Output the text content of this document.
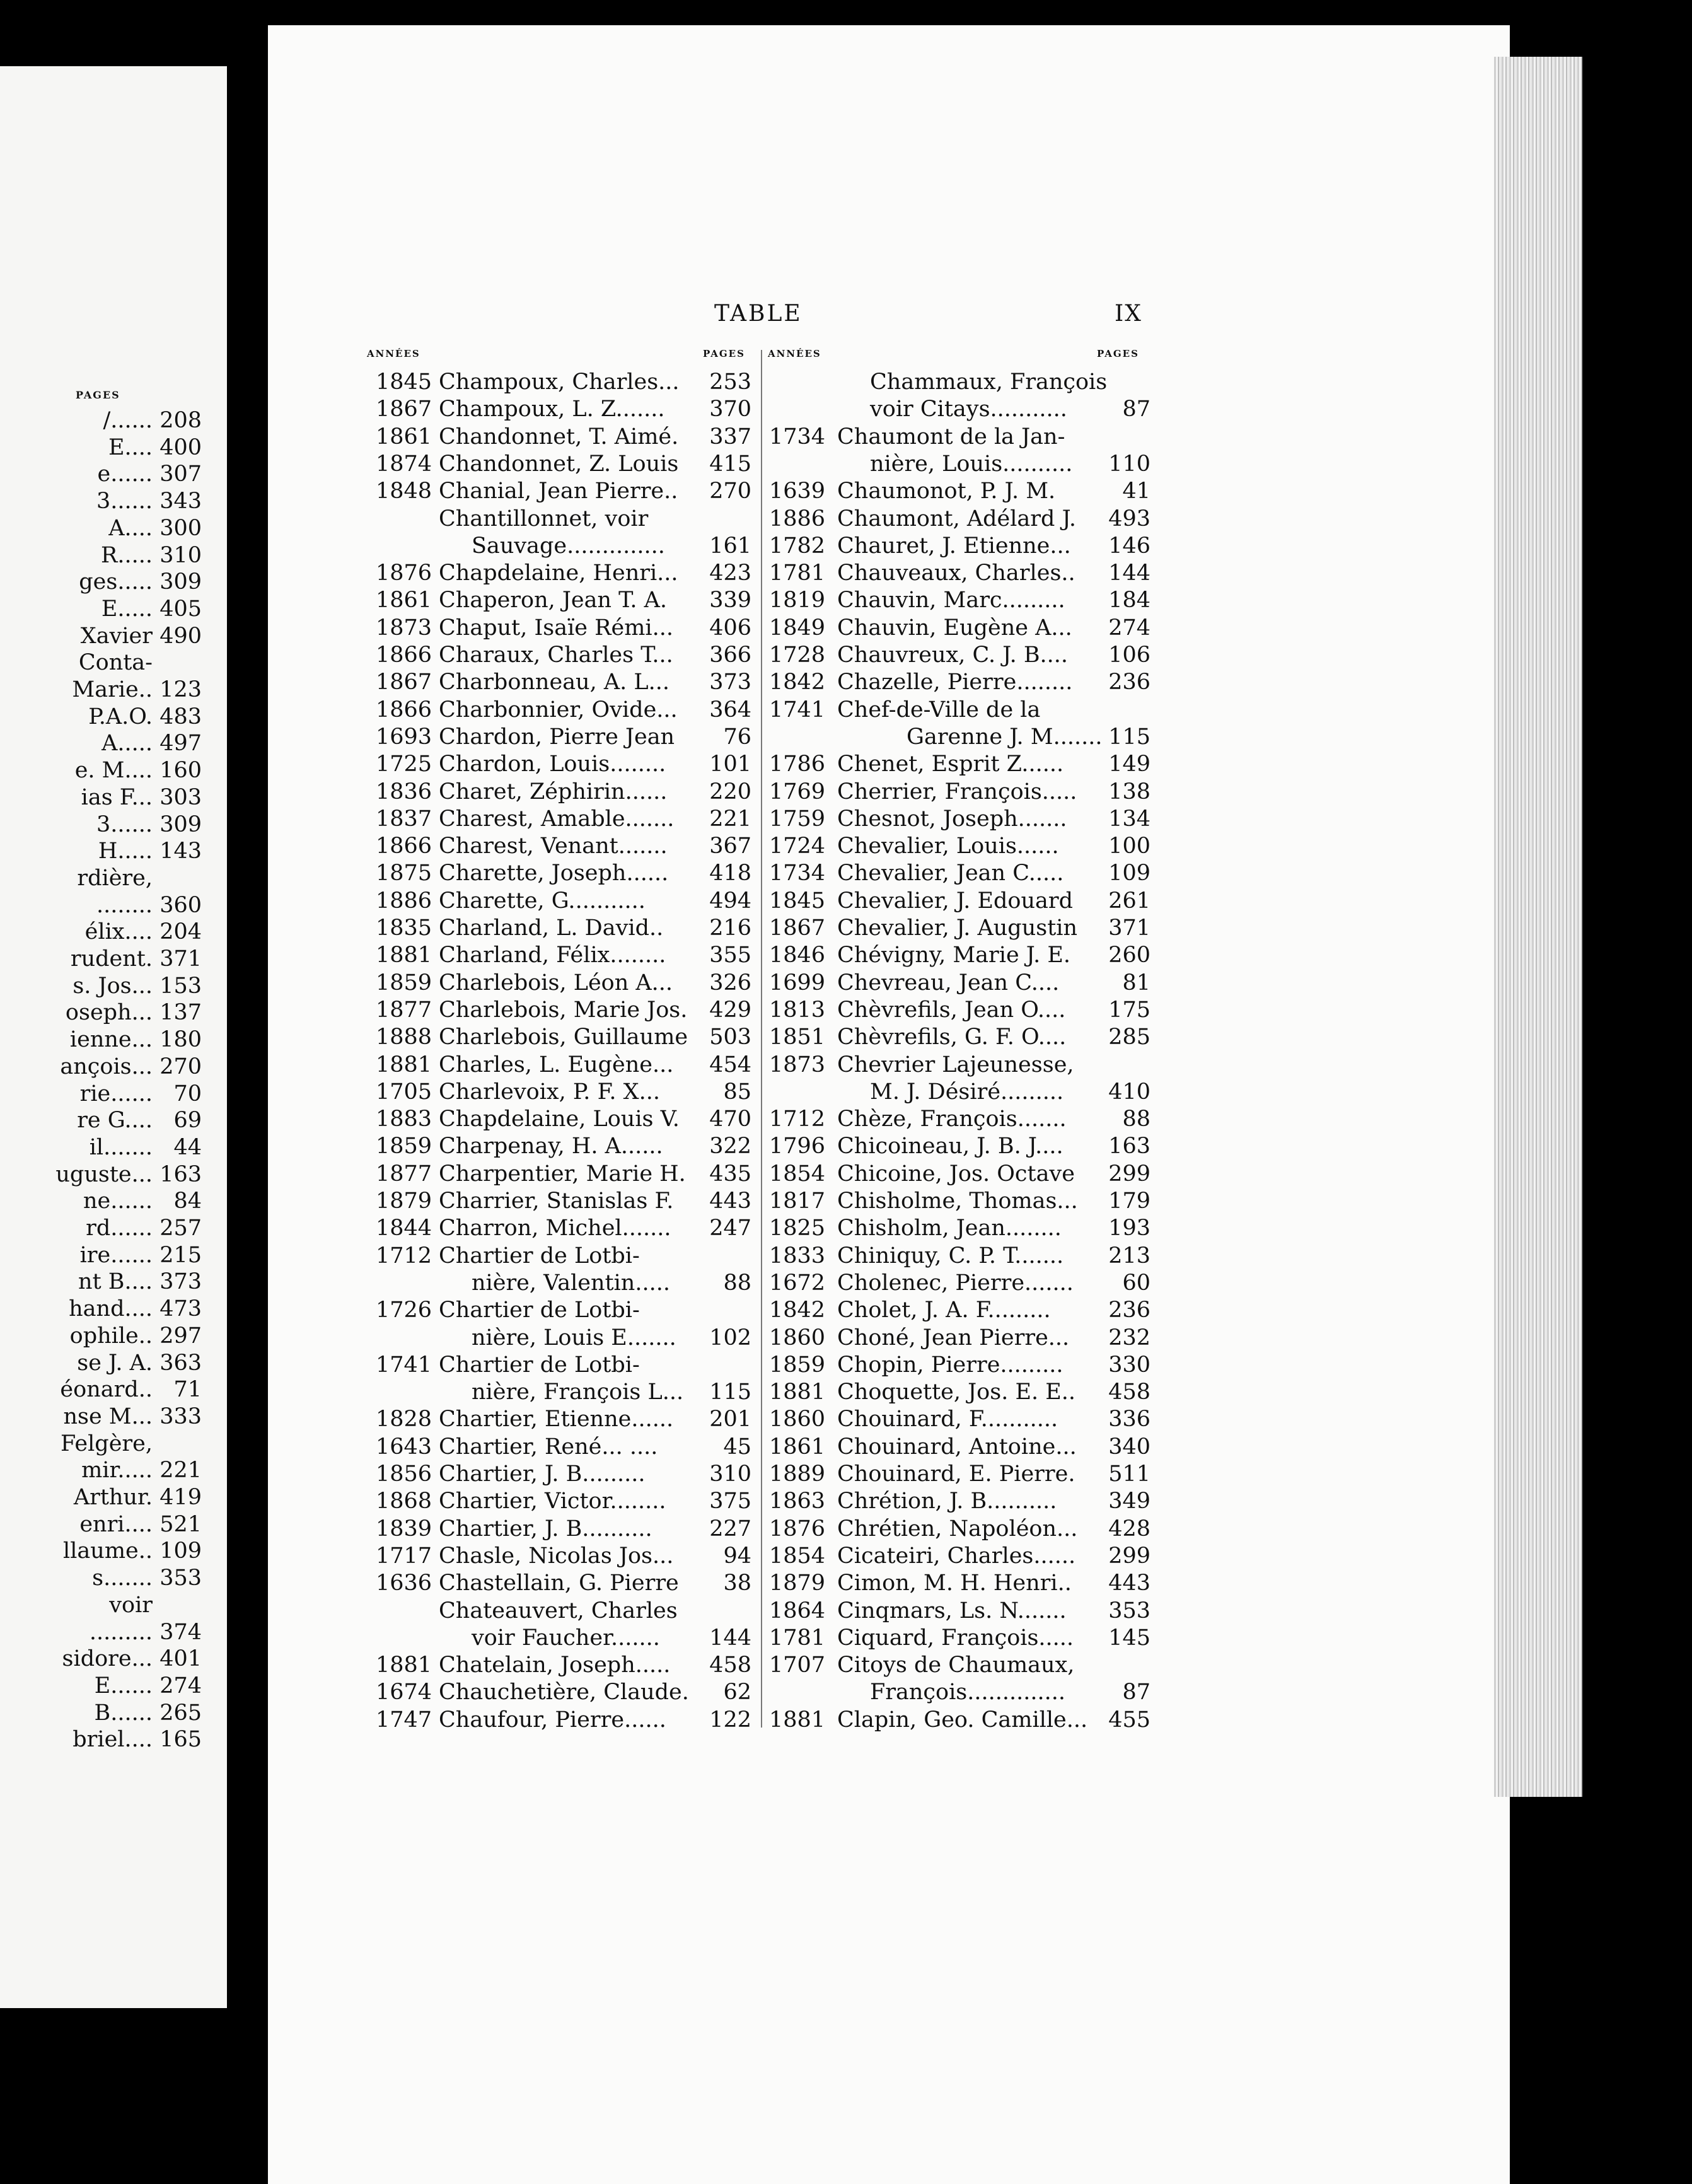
PAGES
/...... 208
E.... 400
e...... 307
3...... 343
A.... 300
R..... 310
ges..... 309
E..... 405
Xavier 490
Conta-
Marie.. 123
P.A.O. 483
A..... 497
e. M.... 160
ias F... 303
3...... 309
H..... 143
rdière,
........ 360
élix.... 204
rudent. 371
s. Jos... 153
oseph... 137
ienne... 180
ançois... 270
rie...... 70
re G.... 69
il....... 44
uguste... 163
ne...... 84
rd...... 257
ire...... 215
nt B.... 373
hand.... 473
ophile.. 297
se J. A. 363
éonard.. 71
nse M... 333
Felgère,
mir..... 221
Arthur. 419
enri.... 521
llaume.. 109
s....... 353
voir
......... 374
sidore... 401
E...... 274
B...... 265
briel.... 165
TABLE	IX
ANNÉES	PAGES ANNÉES	PAGES
1845 Champoux, Charles... 253
1867 Champoux, L. Z....... 370
1861 Chandonnet, T. Aimé. 337
1874 Chandonnet, Z. Louis 415
1848 Chanial, Jean Pierre.. 270
Chantillonnet, voir
Sauvage.............. 161
1876 Chapdelaine, Henri... 423
1861 Chaperon, Jean T. A. 339
1873 Chaput, Isaïe Rémi... 406
1866 Charaux, Charles T... 366
1867 Charbonneau, A. L... 373
1866 Charbonnier, Ovide... 364
1693 Chardon, Pierre Jean 76
1725 Chardon, Louis........ 101
1836 Charet, Zéphirin...... 220
1837 Charest, Amable....... 221
1866 Charest, Venant....... 367
1875 Charette, Joseph...... 418
1886 Charette, G...........	494
1835 Charland, L. David.. 216
1881 Charland, Félix........ 355
1859 Charlebois, Léon A... 326
1877 Charlebois, Marie Jos. 429
1888 Charlebois, Guillaume 503
1881 Charles, L. Eugène... 454
1705 Charlevoix, P. F. X...	85
1883 Chapdelaine, Louis V. 470
1859 Charpenay, H. A...... 322
1877 Charpentier, Marie H. 435
1879 Charrier, Stanislas F. 443
1844 Charron, Michel....... 247
1712 Chartier de Lotbi-
nière, Valentin..... 88
1726 Chartier de Lotbi-
nière, Louis E....... 102
1741 Chartier de Lotbi-
nière, François L... 115
1828 Chartier, Etienne...... 201
1643 Chartier, René... ....	45
1856 Chartier, J. B.........	310
1868 Chartier, Victor........ 375
1839 Chartier, J. B..........	227
1717 Chasle, Nicolas Jos... 94
1636 Chastellain, G. Pierre 38
Chateauvert, Charles
voir Faucher....... 144
1881 Chatelain, Joseph..... 458
1674 Chauchetière, Claude. 62
1747 Chaufour, Pierre...... 122
Chammaux, François
voir Citays...........	87
1734 Chaumont de la Jan-
nière, Louis.......... 110
1639 Chaumonot, P. J. M.	41
1886 Chaumont, Adélard J. 493
1782 Chauret, J. Etienne... 146
1781 Chauveaux, Charles.. 144
1819 Chauvin, Marc......... 184
1849 Chauvin, Eugène A... 274
1728 Chauvreux, C. J. B.... 106
1842 Chazelle, Pierre........ 236
1741 Chef-de-Ville de la
Garenne J. M....... 115
1786 Chenet, Esprit Z...... 149
1769 Cherrier, François..... 138
1759 Chesnot, Joseph....... 134
1724 Chevalier, Louis...... 100
1734 Chevalier, Jean C..... 109
1845 Chevalier, J. Edouard 261
1867 Chevalier, J. Augustin 371
1846 Chévigny, Marie J. E. 260
1699 Chevreau, Jean C....	81
1813 Chèvrefils, Jean O.... 175
1851 Chèvrefils, G. F. O.... 285
1873 Chevrier Lajeunesse,
M. J. Désiré......... 410
1712 Chèze, François.......	88
1796 Chicoineau, J. B. J.... 163
1854 Chicoine, Jos. Octave 299
1817 Chisholme, Thomas... 179
1825 Chisholm, Jean........ 193
1833 Chiniquy, C. P. T....... 213
1672 Cholenec, Pierre....... 60
1842 Cholet, J. A. F.........	236
1860 Choné, Jean Pierre... 232
1859 Chopin, Pierre......... 330
1881 Choquette, Jos. E. E.. 458
1860 Chouinard, F........... 336
1861 Chouinard, Antoine... 340
1889 Chouinard, E. Pierre. 511
1863 Chrétion, J. B.......... 349
1876 Chrétien, Napoléon... 428
1854 Cicateiri, Charles...... 299
1879 Cimon, M. H. Henri.. 443
1864 Cinqmars, Ls. N....... 353
1781 Ciquard, François..... 145
1707 Citoys de Chaumaux,
François..............	87
1881 Clapin, Geo. Camille... 455
